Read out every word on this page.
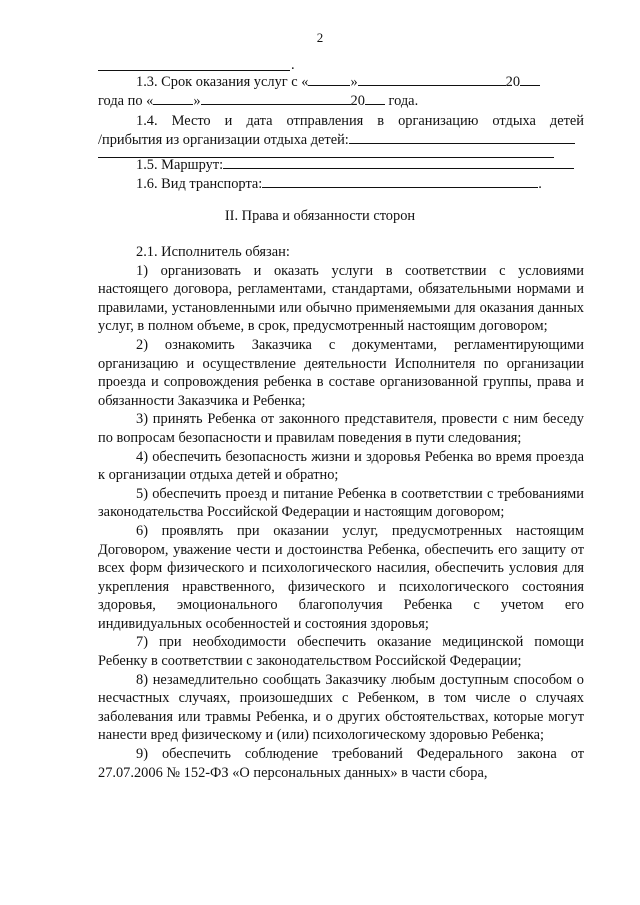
2
.
1.3. Срок оказания услуг с «	»	20
года по «	»	20 года.
1.4. Место и дата отправления в организацию отдыха детей
/прибытия из организации отдыха детей:
1.5. Маршрут:
1.6. Вид транспорта:	.
II. Права и обязанности сторон

2.1. Исполнитель обязан:

1) организовать и оказать услуги в соответствии с условиями настоящего договора, регламентами, стандартами, обязательными нормами и правилами, установленными или обычно применяемыми для оказания данных услуг, в полном объеме, в срок, предусмотренный настоящим договором;

2) ознакомить Заказчика с документами, регламентирующими организацию и осуществление деятельности Исполнителя по организации проезда и сопровождения ребенка в составе организованной группы, права и обязанности Заказчика и Ребенка;

3) принять Ребенка от законного представителя, провести с ним беседу по вопросам безопасности и правилам поведения в пути следования;

4) обеспечить безопасность жизни и здоровья Ребенка во время проезда к организации отдыха детей и обратно;

5) обеспечить проезд и питание Ребенка в соответствии с требованиями законодательства Российской Федерации и настоящим договором;

6) проявлять при оказании услуг, предусмотренных настоящим Договором, уважение чести и достоинства Ребенка, обеспечить его защиту от всех форм физического и психологического насилия, обеспечить условия для укрепления нравственного, физического и психологического состояния здоровья, эмоционального благополучия Ребенка с учетом его индивидуальных особенностей и состояния здоровья;

7) при необходимости обеспечить оказание медицинской помощи Ребенку в соответствии с законодательством Российской Федерации;

8) незамедлительно сообщать Заказчику любым доступным способом о несчастных случаях, произошедших с Ребенком, в том числе о случаях заболевания или травмы Ребенка, и о других обстоятельствах, которые могут нанести вред физическому и (или) психологическому здоровью Ребенка;

9) обеспечить соблюдение требований Федерального закона от 27.07.2006 № 152-ФЗ «О персональных данных» в части сбора,
